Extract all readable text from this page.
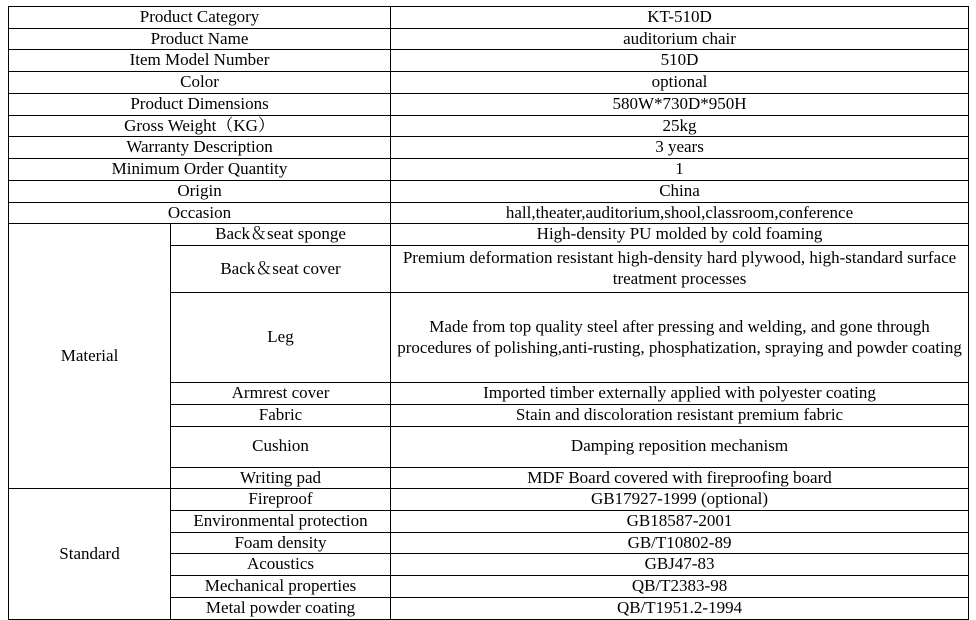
Product Category		KT-510D
Product Name		auditorium chair
Item Model Number		510D
Color		optional
Product Dimensions		580W*730D*950H
Gross Weight（KG）		25kg
Warranty Description		3 years
Minimum Order Quantity		1
Origin		China
Occasion		hall,theater,auditorium,shool,classroom,conference
Material	Back＆seat sponge	High-density PU molded by cold foaming
	Back＆seat cover	Premium deformation resistant high-density hard plywood, high-standard surface treatment processes
	Leg	Made from top quality steel after pressing and welding, and gone through procedures of polishing,anti-rusting, phosphatization, spraying and powder coating
	Armrest cover	Imported timber externally applied with polyester coating
	Fabric	Stain and discoloration resistant premium fabric
	Cushion	Damping reposition mechanism
	Writing pad	MDF Board covered with fireproofing board
Standard	Fireproof	GB17927-1999 (optional)
	Environmental protection	GB18587-2001
	Foam density	GB/T10802-89
	Acoustics	GBJ47-83
	Mechanical properties	QB/T2383-98
	Metal powder coating	QB/T1951.2-1994
kaitaige.en.alibaba.com
